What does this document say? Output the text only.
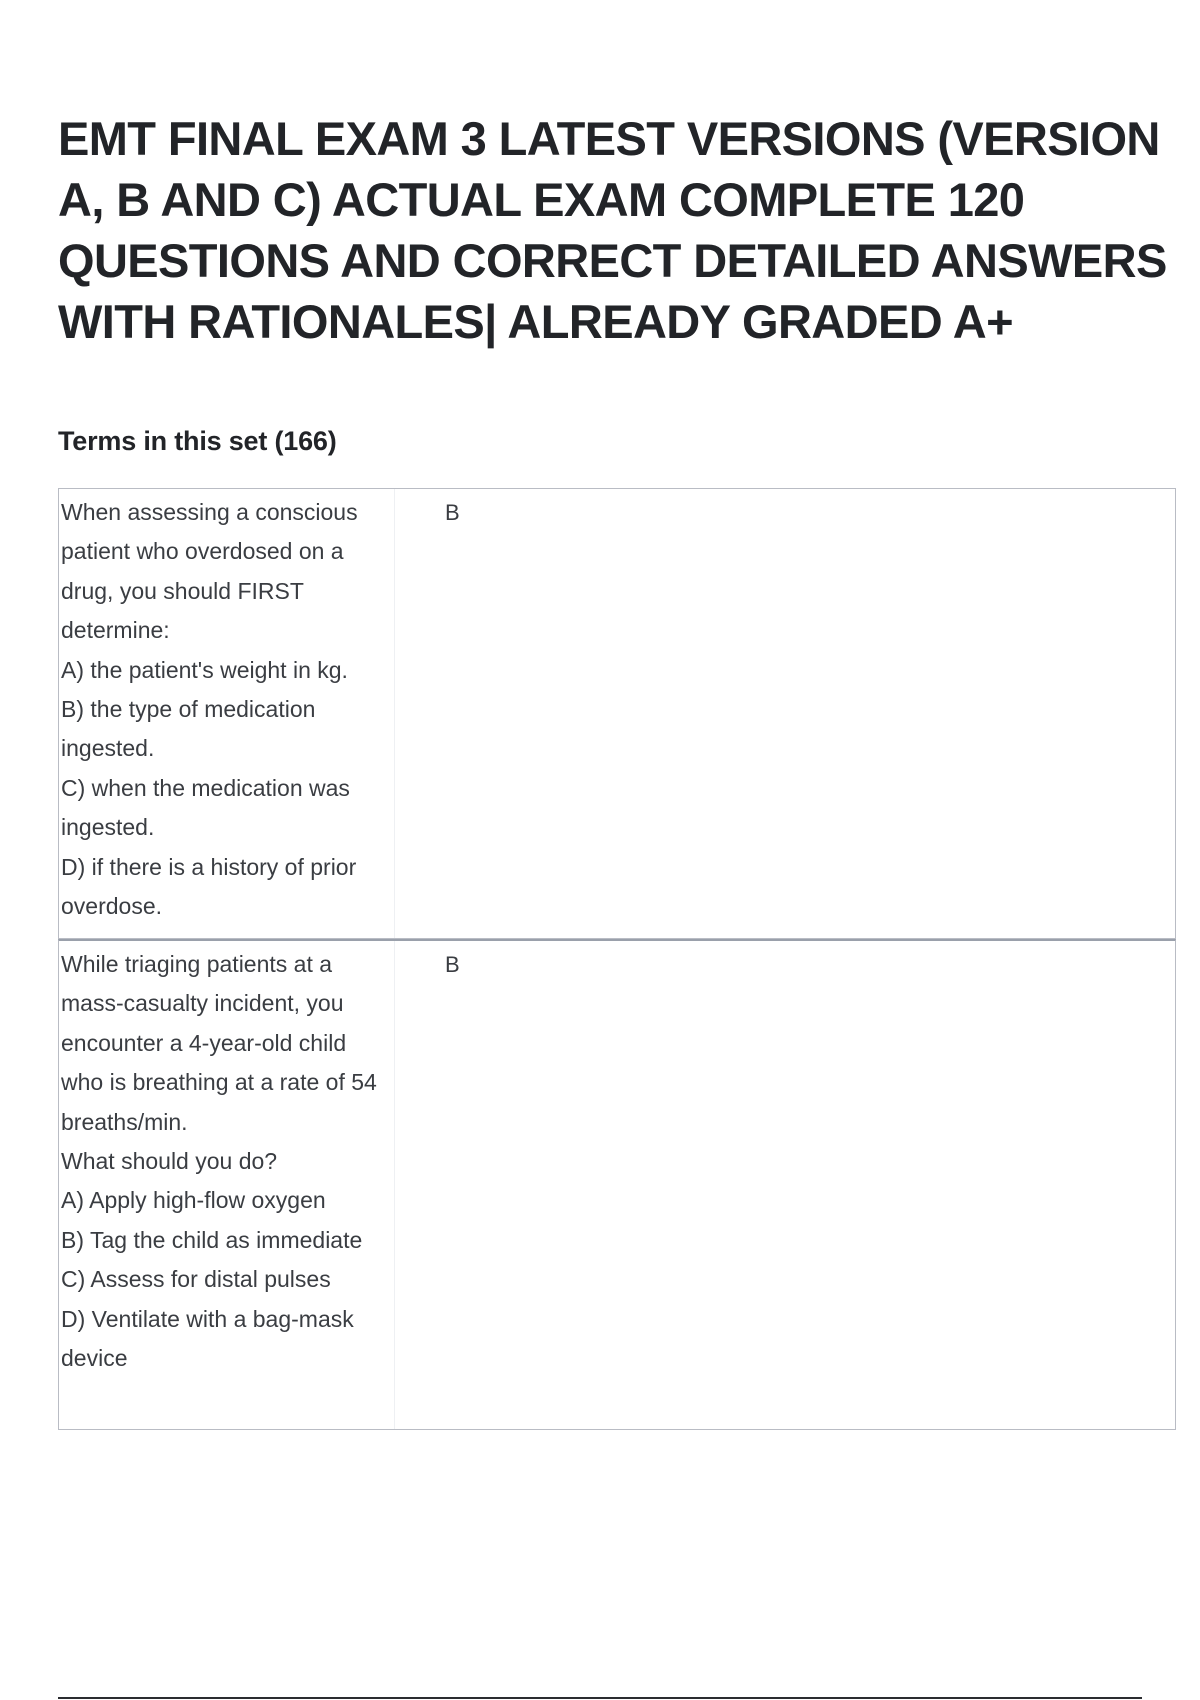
EMT FINAL EXAM 3 LATEST VERSIONS (VERSION A, B AND C) ACTUAL EXAM COMPLETE 120 QUESTIONS AND CORRECT DETAILED ANSWERS WITH RATIONALES| ALREADY GRADED A+
Terms in this set (166)

When assessing a conscious patient who overdosed on a drug, you should FIRST determine:

A) the patient's weight in kg.

B) the type of medication ingested.

C) when the medication was ingested.

D) if there is a history of prior overdose.

B

While triaging patients at a mass-casualty incident, you encounter a 4-year-old child who is breathing at a rate of 54 breaths/min.

What should you do?

A) Apply high-flow oxygen

B) Tag the child as immediate

C) Assess for distal pulses

D) Ventilate with a bag-mask device

B
